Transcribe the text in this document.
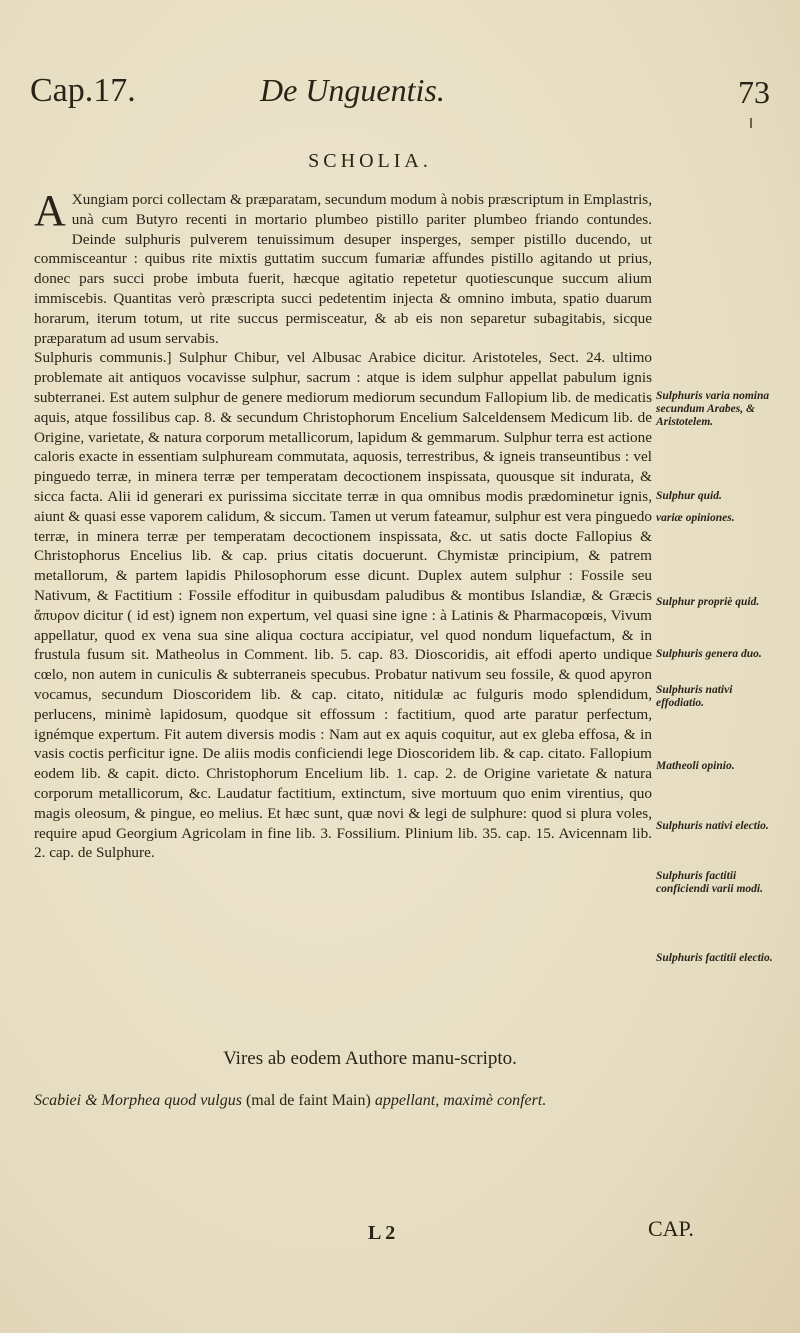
Cap.17.	De Unguentis.	73
SCHOLIA.

A Xungiam porci collectam & præparatam, secundum modum à nobis præscriptum in Emplastris, unà cum Butyro recenti in mortario plumbeo pistillo pariter plumbeo friando contundes. Deinde sulphuris pulverem tenuissimum desuper insperges, semper pistillo ducendo, ut commisceantur : quibus rite mixtis guttatim succum fumariæ affundes pistillo agitando ut prius, donec pars succi probe imbuta fuerit, hæcque agitatio repetetur quotiescunque succum alium immiscebis. Quantitas verò præscripta succi pedetentim injecta & omnino imbuta, spatio duarum horarum, iterum totum, ut rite succus permisceatur, & ab eis non separetur subagitabis, sicque præparatum ad usum servabis.

Sulphuris communis.] Sulphur Chibur, vel Albusac Arabice dicitur. Aristoteles, Sect. 24. ultimo problemate ait antiquos vocavisse sulphur, sacrum : atque is idem sulphur appellat pabulum ignis subterranei. Est autem sulphur de genere mediorum mediorum secundum Fallopium lib. de medicatis aquis, atque fossilibus cap. 8. & secundum Christophorum Encelium Salceldensem Medicum lib. de Origine, varietate, & natura corporum metallicorum, lapidum & gemmarum. Sulphur terra est actione caloris exacte in essentiam sulphuream commutata, aquosis, terrestribus, & igneis transeuntibus : vel pinguedo terræ, in minera terræ per temperatam decoctionem inspissata, quousque sit indurata, & sicca facta. Alii id generari ex purissima siccitate terræ in qua omnibus modis prædominetur ignis, aiunt & quasi esse vaporem calidum, & siccum. Tamen ut verum fateamur, sulphur est vera pinguedo terræ, in minera terræ per temperatam decoctionem inspissata, &c. ut satis docte Fallopius & Christophorus Encelius lib. & cap. prius citatis docuerunt. Chymistæ principium, & patrem metallorum, & partem lapidis Philosophorum esse dicunt. Duplex autem sulphur : Fossile seu Nativum, & Factitium : Fossile effoditur in quibusdam paludibus & montibus Islandiæ, & Græcis ἄπυρον dicitur ( id est) ignem non expertum, vel quasi sine igne : à Latinis & Pharmacopœis, Vivum appellatur, quod ex vena sua sine aliqua coctura accipiatur, vel quod nondum liquefactum, & in frustula fusum sit. Matheolus in Comment. lib. 5. cap. 83. Dioscoridis, ait effodi aperto undique cœlo, non autem in cuniculis & subterraneis specubus. Probatur nativum seu fossile, & quod apyron vocamus, secundum Dioscoridem lib. & cap. citato, nitidulæ ac fulguris modo splendidum, perlucens, minimè lapidosum, quodque sit effossum : factitium, quod arte paratur perfectum, ignémque expertum. Fit autem diversis modis : Nam aut ex aquis coquitur, aut ex gleba effosa, & in vasis coctis perficitur igne. De aliis modis conficiendi lege Dioscoridem lib. & cap. citato. Fallopium eodem lib. & capit. dicto. Christophorum Encelium lib. 1. cap. 2. de Origine varietate & natura corporum metallicorum, &c. Laudatur factitium, extinctum, sive mortuum quo enim virentius, quo magis oleosum, & pingue, eo melius. Et hæc sunt, quæ novi & legi de sulphure: quod si plura voles, require apud Georgium Agricolam in fine lib. 3. Fossilium. Plinium lib. 35. cap. 15. Avicennam lib. 2. cap. de Sulphure.

Sulphuris varia nomina secundum Arabes, & Aristotelem.
Sulphur quid.
variæ opiniones.
Sulphur propriè quid.
Sulphuris genera duo.
Sulphuris nativi effodiatio.
Matheoli opinio.
Sulphuris nativi electio.
Sulphuris factitii conficiendi varii modi.
Sulphuris factitii electio.
Vires ab eodem Authore manu-scripto.
Scabiei & Morphea quod vulgus (mal de faint Main) appellant, maximè confert.
L 2	CAP.
